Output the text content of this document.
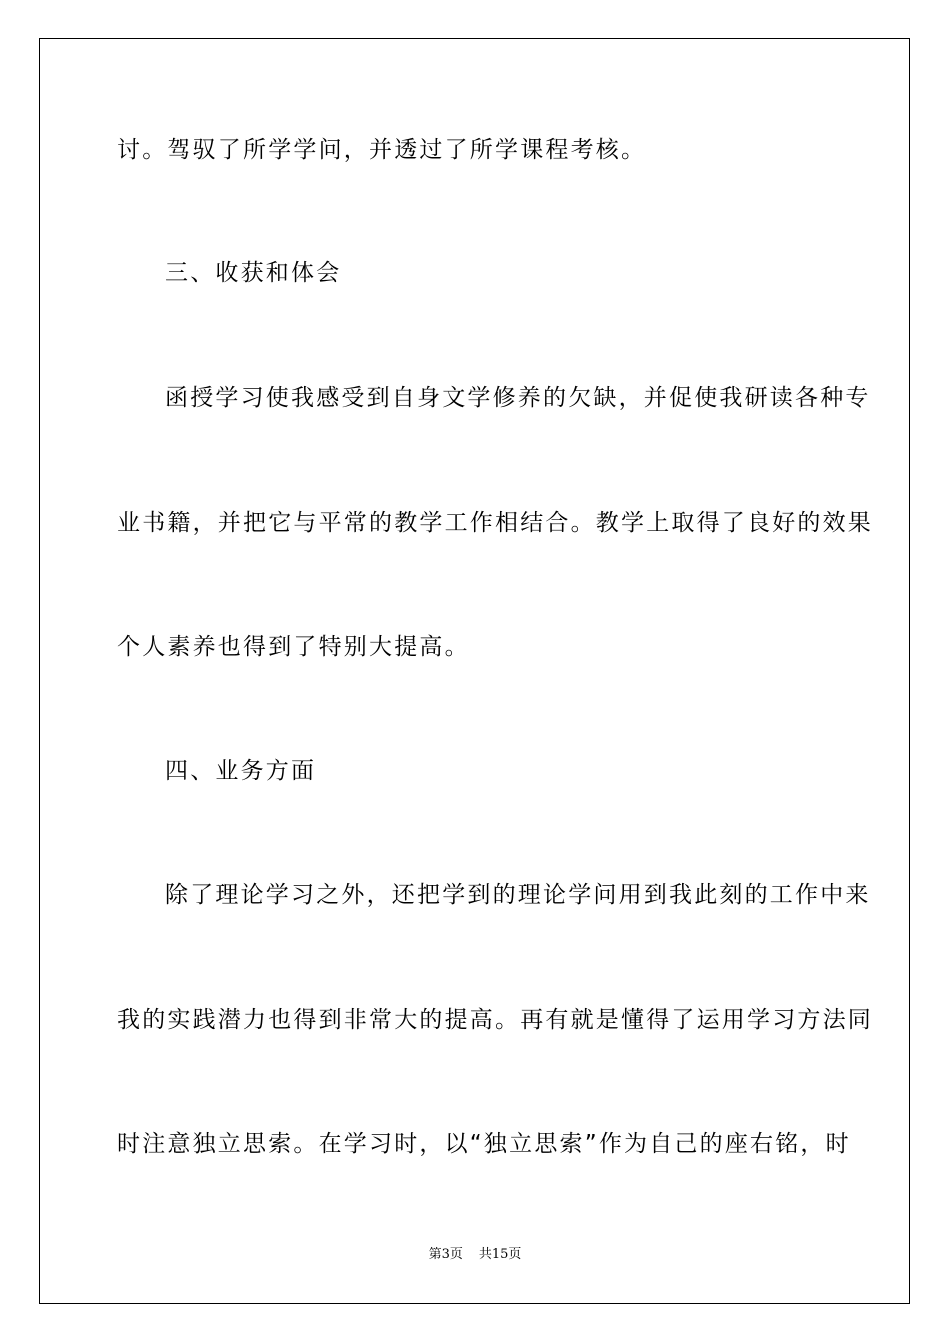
讨。驾驭了所学学问，并透过了所学课程考核。
三、收获和体会
函授学习使我感受到自身文学修养的欠缺，并促使我研读各种专
业书籍，并把它与平常的教学工作相结合。教学上取得了良好的效果
个人素养也得到了特别大提高。
四、业务方面
除了理论学习之外，还把学到的理论学问用到我此刻的工作中来
我的实践潜力也得到非常大的提高。再有就是懂得了运用学习方法同
时注意独立思索。在学习时，以“独立思索”作为自己的座右铭，时
第3页 共15页
